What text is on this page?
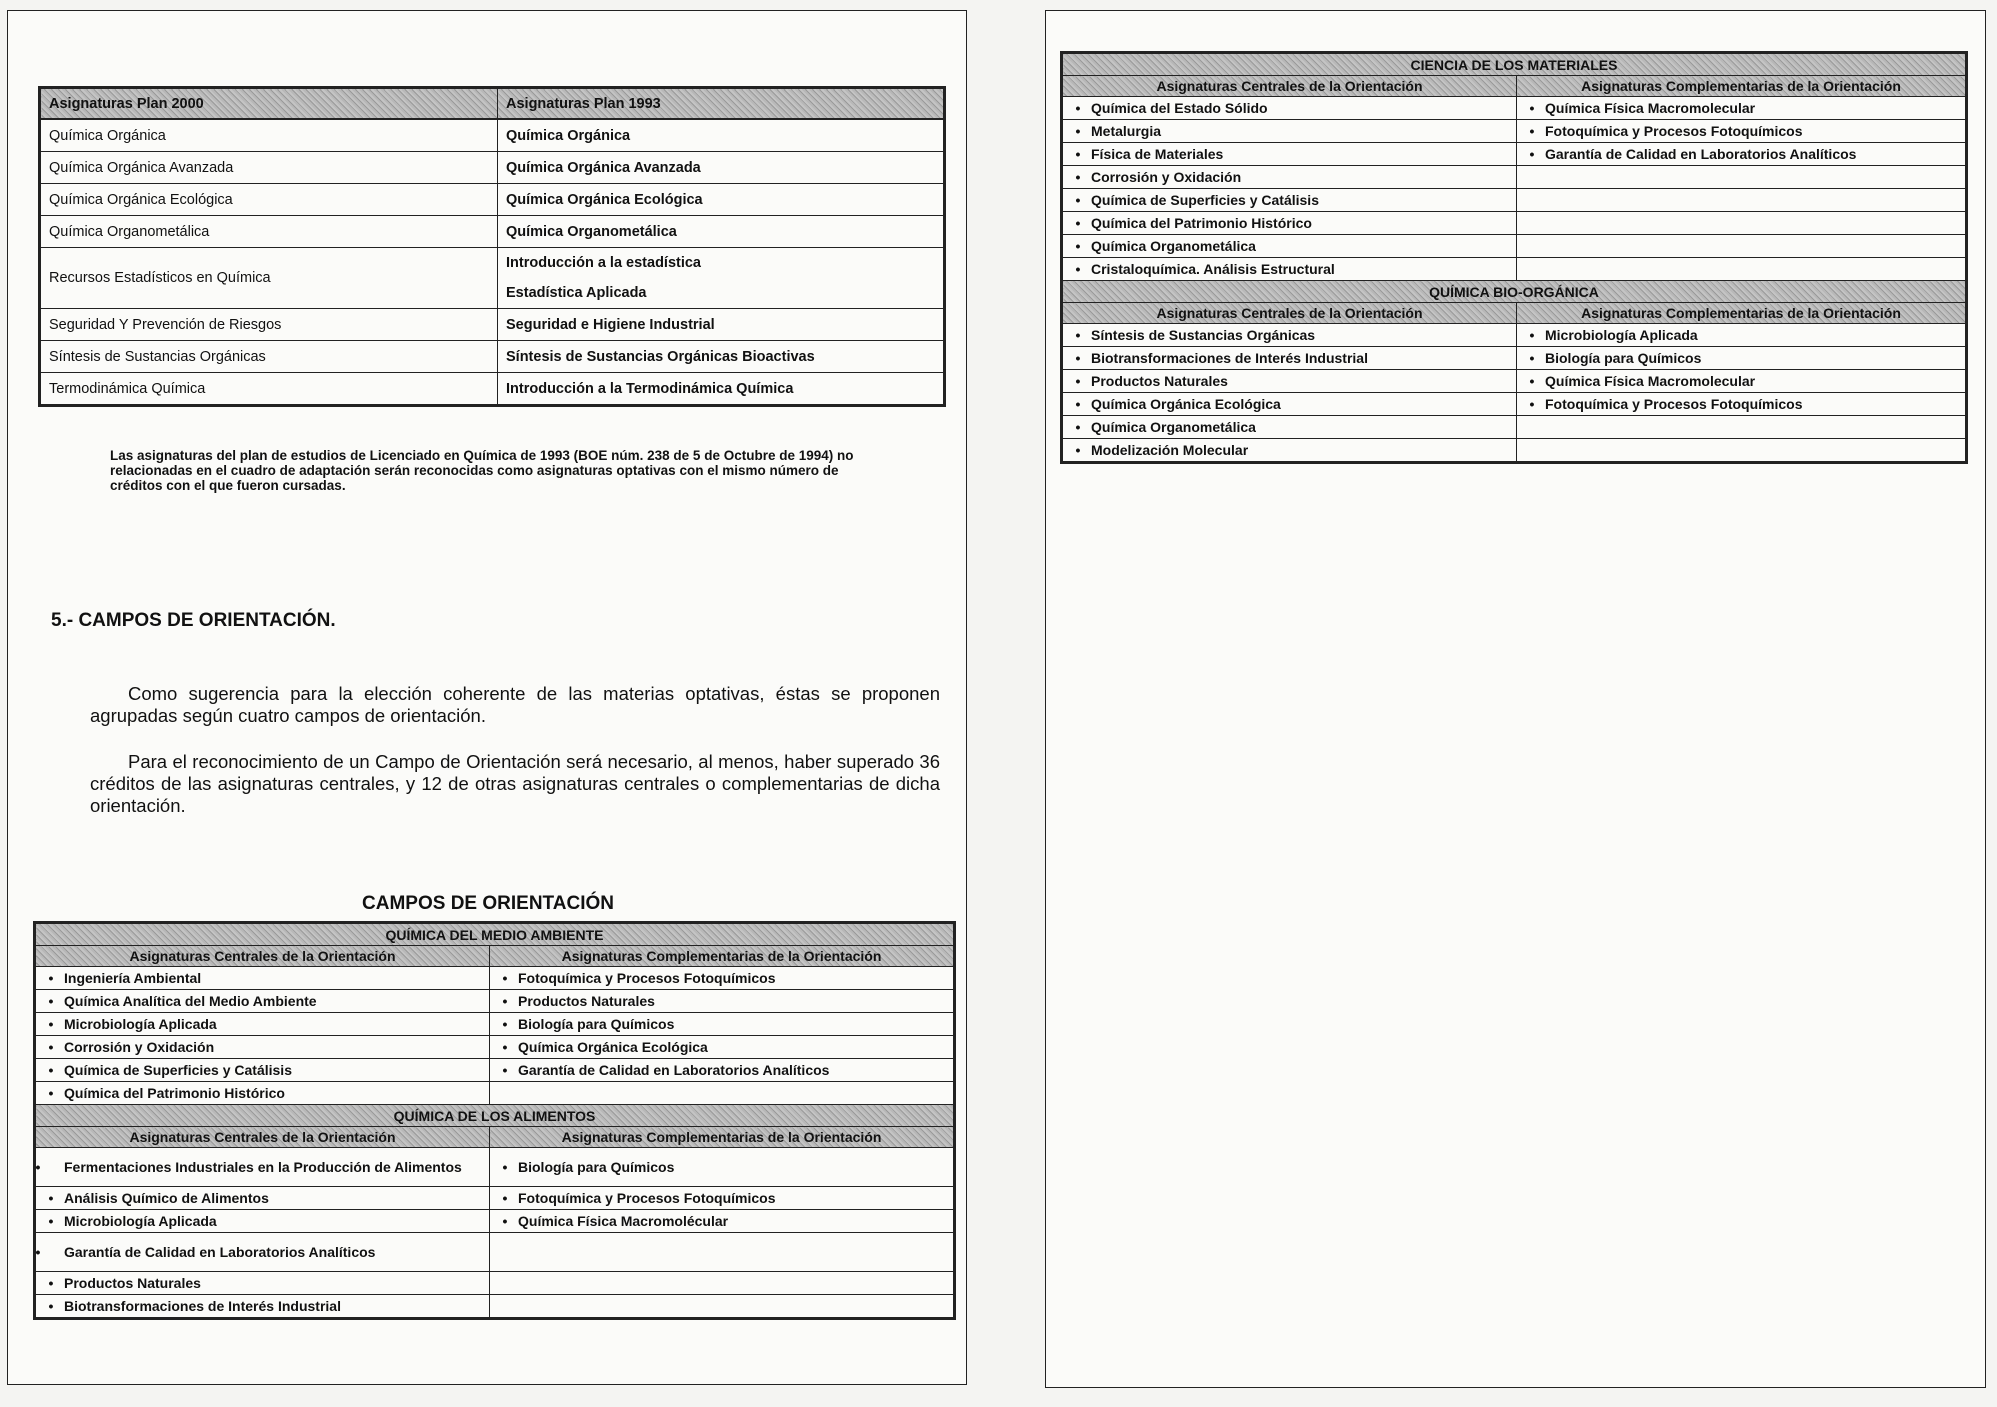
Asignaturas Plan 2000	Asignaturas Plan 1993
Química Orgánica	Química Orgánica
Química Orgánica Avanzada	Química Orgánica Avanzada
Química Orgánica Ecológica	Química Orgánica Ecológica
Química Organometálica	Química Organometálica
Recursos Estadísticos en Química	Introducción a la estadística
Estadística Aplicada

Seguridad Y Prevención de Riesgos	Seguridad e Higiene Industrial
Síntesis de Sustancias Orgánicas	Síntesis de Sustancias Orgánicas Bioactivas
Termodinámica Química	Introducción a la Termodinámica Química

Las asignaturas del plan de estudios de Licenciado en Química de 1993 (BOE núm. 238 de 5 de Octubre de 1994) no relacionadas en el cuadro de adaptación serán reconocidas como asignaturas optativas con el mismo número de créditos con el que fueron cursadas.

5.- CAMPOS DE ORIENTACIÓN.

Como sugerencia para la elección coherente de las materias optativas, éstas se proponen agrupadas según cuatro campos de orientación.

Para el reconocimiento de un Campo de Orientación será necesario, al menos, haber superado 36 créditos de las asignaturas centrales, y 12 de otras asignaturas centrales o complementarias de dicha orientación.

CAMPOS DE ORIENTACIÓN
QUÍMICA DEL MEDIO AMBIENTE	
Asignaturas Centrales de la Orientación	Asignaturas Complementarias de la Orientación
• Ingeniería Ambiental	• Fotoquímica y Procesos Fotoquímicos
• Química Analítica del Medio Ambiente	• Productos Naturales
• Microbiología Aplicada	• Biología para Químicos
• Corrosión y Oxidación	• Química Orgánica Ecológica
• Química de Superficies y Catálisis	• Garantía de Calidad en Laboratorios Analíticos
• Química del Patrimonio Histórico	
QUÍMICA DE LOS ALIMENTOS	
Asignaturas Centrales de la Orientación	Asignaturas Complementarias de la Orientación
• Fermentaciones Industriales en la Producción de Alimentos	• Biología para Químicos
• Análisis Químico de Alimentos	• Fotoquímica y Procesos Fotoquímicos
• Microbiología Aplicada	• Química Física Macromolécular
• Garantía de Calidad en Laboratorios Analíticos	
• Productos Naturales	
• Biotransformaciones de Interés Industrial	
CIENCIA DE LOS MATERIALES	
Asignaturas Centrales de la Orientación	Asignaturas Complementarias de la Orientación
• Química del Estado Sólido	• Química Física Macromolecular
• Metalurgia	• Fotoquímica y Procesos Fotoquímicos
• Física de Materiales	• Garantía de Calidad en Laboratorios Analíticos
• Corrosión y Oxidación	
• Química de Superficies y Catálisis	
• Química del Patrimonio Histórico	
• Química Organometálica	
• Cristaloquímica. Análisis Estructural	
QUÍMICA BIO-ORGÁNICA	
Asignaturas Centrales de la Orientación	Asignaturas Complementarias de la Orientación
• Síntesis de Sustancias Orgánicas	• Microbiología Aplicada
• Biotransformaciones de Interés Industrial	• Biología para Químicos
• Productos Naturales	• Química Física Macromolecular
• Química Orgánica Ecológica	• Fotoquímica y Procesos Fotoquímicos
• Química Organometálica	
• Modelización Molecular	
